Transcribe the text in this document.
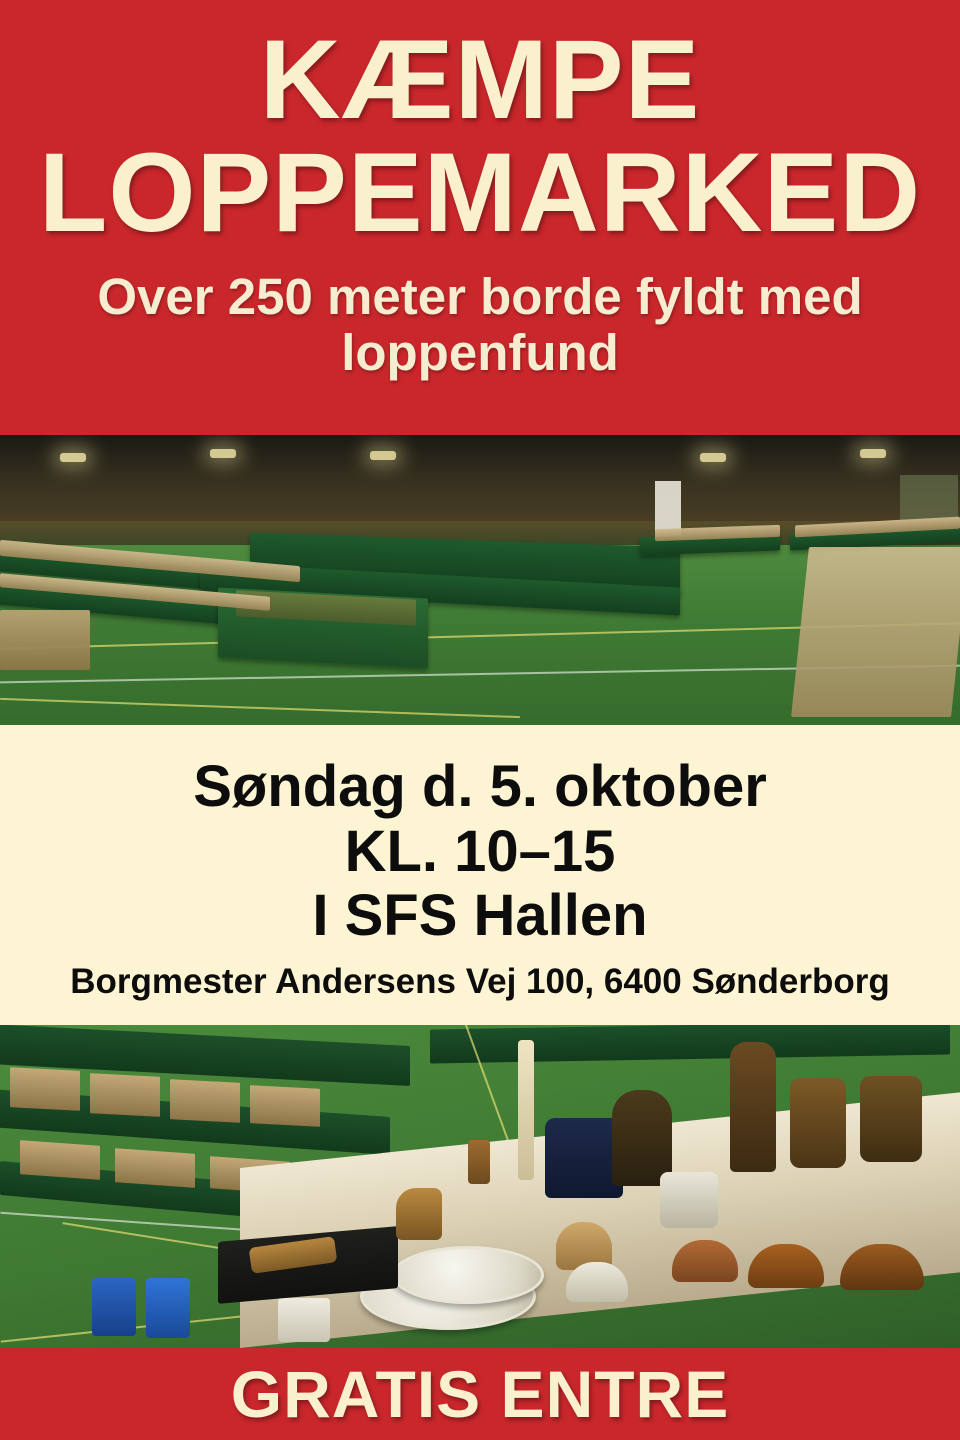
KÆMPE
LOPPEMARKED
Over 250 meter borde fyldt med loppenfund
Søndag d. 5. oktober
KL. 10–15
I SFS Hallen
Borgmester Andersens Vej 100, 6400 Sønderborg
GRATIS ENTRE
